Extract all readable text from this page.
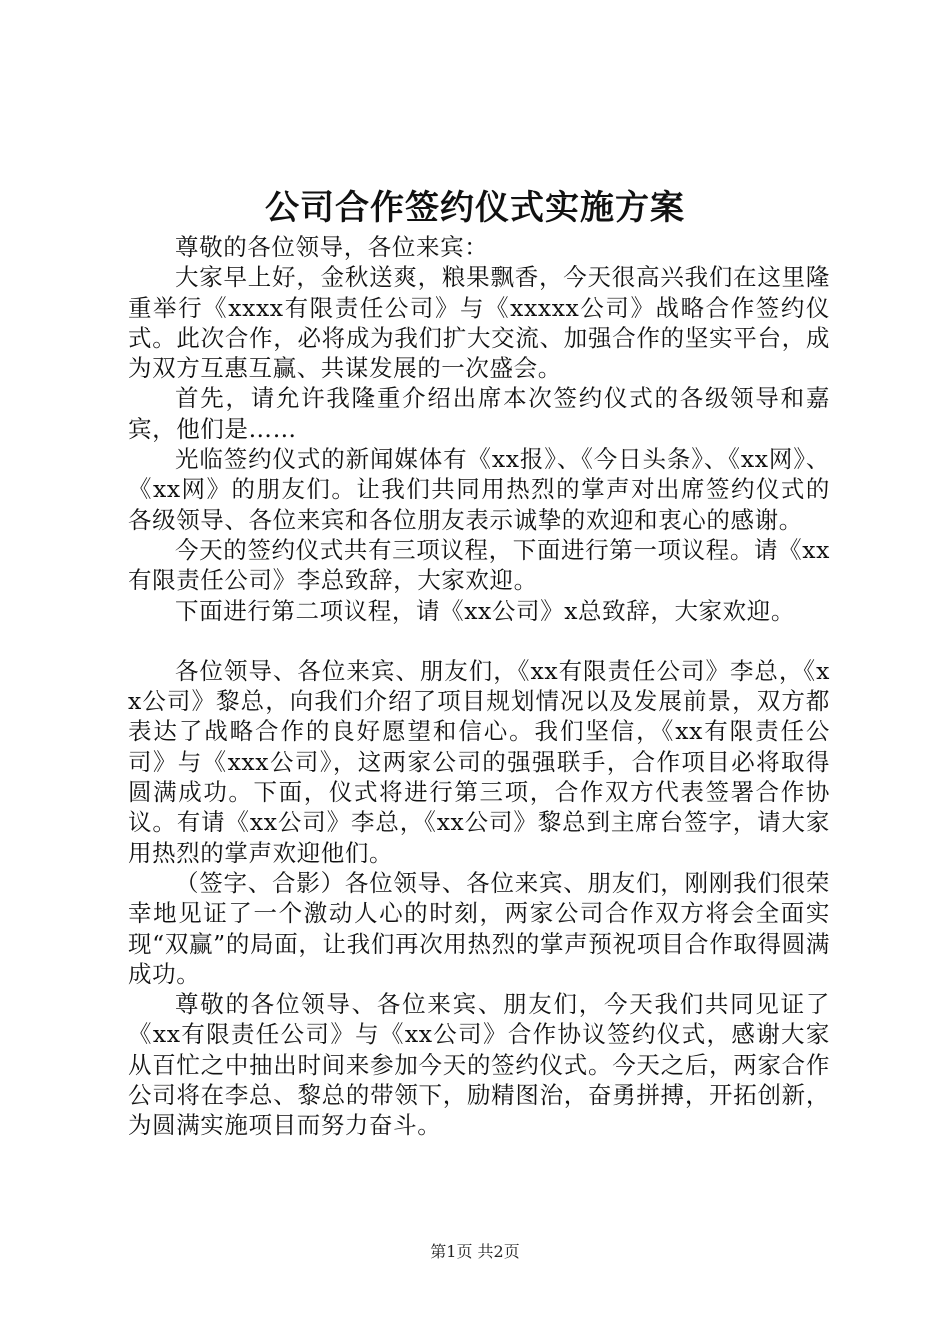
公司合作签约仪式实施方案

尊敬的各位领导，各位来宾：

大家早上好，金秋送爽，粮果飘香，今天很高兴我们在这里隆重举行《xxxx有限责任公司》与《xxxxx公司》战略合作签约仪式。此次合作，必将成为我们扩大交流、加强合作的坚实平台，成为双方互惠互赢、共谋发展的一次盛会。

首先，请允许我隆重介绍出席本次签约仪式的各级领导和嘉宾，他们是……

光临签约仪式的新闻媒体有《xx报》、《今日头条》、《xx网》、《xx网》的朋友们。让我们共同用热烈的掌声对出席签约仪式的各级领导、各位来宾和各位朋友表示诚挚的欢迎和衷心的感谢。

今天的签约仪式共有三项议程，下面进行第一项议程。请《xx有限责任公司》李总致辞，大家欢迎。

下面进行第二项议程，请《xx公司》x总致辞，大家欢迎。

各位领导、各位来宾、朋友们，《xx有限责任公司》李总，《xx公司》黎总，向我们介绍了项目规划情况以及发展前景，双方都表达了战略合作的良好愿望和信心。我们坚信，《xx有限责任公司》与《xxx公司》，这两家公司的强强联手，合作项目必将取得圆满成功。下面，仪式将进行第三项，合作双方代表签署合作协议。有请《xx公司》李总，《xx公司》黎总到主席台签字，请大家用热烈的掌声欢迎他们。

（签字、合影）各位领导、各位来宾、朋友们，刚刚我们很荣幸地见证了一个激动人心的时刻，两家公司合作双方将会全面实现“双赢”的局面，让我们再次用热烈的掌声预祝项目合作取得圆满成功。

尊敬的各位领导、各位来宾、朋友们，今天我们共同见证了《xx有限责任公司》与《xx公司》合作协议签约仪式，感谢大家从百忙之中抽出时间来参加今天的签约仪式。今天之后，两家合作公司将在李总、黎总的带领下，励精图治，奋勇拼搏，开拓创新，为圆满实施项目而努力奋斗。

第1页 共2页
